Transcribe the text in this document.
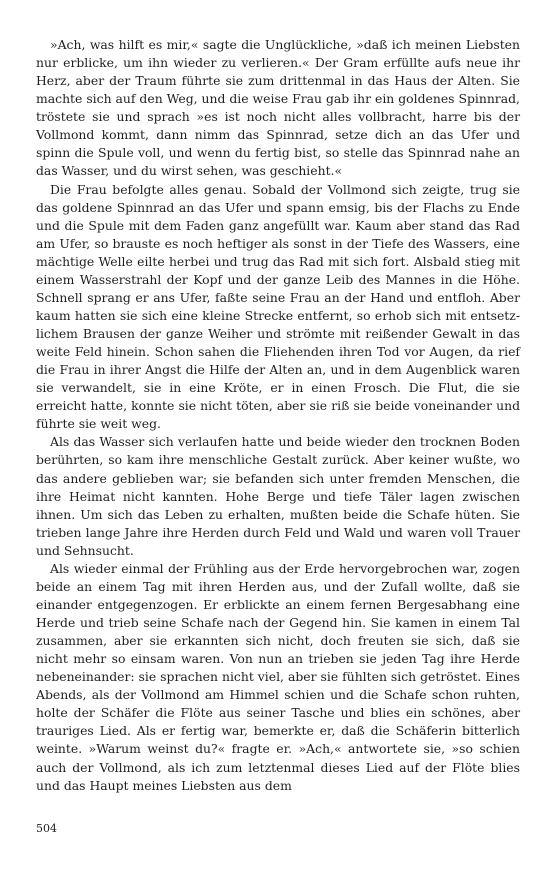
»Ach, was hilft es mir,« sagte die Unglückliche, »daß ich meinen Liebsten nur erblicke, um ihn wieder zu verlieren.« Der Gram erfüllte aufs neue ihr Herz, aber der Traum führte sie zum drittenmal in das Haus der Alten. Sie machte sich auf den Weg, und die weise Frau gab ihr ein goldenes Spinnrad, tröstete sie und sprach »es ist noch nicht alles vollbracht, harre bis der Vollmond kommt, dann nimm das Spinnrad, setze dich an das Ufer und spinn die Spule voll, und wenn du fertig bist, so stelle das Spinnrad nahe an das Wasser, und du wirst sehen, was geschieht.«

Die Frau befolgte alles genau. Sobald der Vollmond sich zeigte, trug sie das goldene Spinnrad an das Ufer und spann emsig, bis der Flachs zu Ende und die Spule mit dem Faden ganz angefüllt war. Kaum aber stand das Rad am Ufer, so brauste es noch heftiger als sonst in der Tiefe des Wassers, eine mächtige Welle eilte herbei und trug das Rad mit sich fort. Alsbald stieg mit einem Wasserstrahl der Kopf und der ganze Leib des Mannes in die Höhe. Schnell sprang er ans Ufer, faßte seine Frau an der Hand und entfloh. Aber kaum hatten sie sich eine kleine Strecke entfernt, so erhob sich mit entsetzlichem Brausen der ganze Weiher und strömte mit reißender Gewalt in das weite Feld hinein. Schon sahen die Fliehenden ihren Tod vor Augen, da rief die Frau in ihrer Angst die Hilfe der Alten an, und in dem Augenblick waren sie verwandelt, sie in eine Kröte, er in einen Frosch. Die Flut, die sie erreicht hatte, konnte sie nicht töten, aber sie riß sie beide voneinander und führte sie weit weg.

Als das Wasser sich verlaufen hatte und beide wieder den trocknen Boden berührten, so kam ihre menschliche Gestalt zurück. Aber keiner wußte, wo das andere geblieben war; sie befanden sich unter fremden Menschen, die ihre Heimat nicht kannten. Hohe Berge und tiefe Täler lagen zwischen ihnen. Um sich das Leben zu erhalten, mußten beide die Schafe hüten. Sie trieben lange Jahre ihre Herden durch Feld und Wald und waren voll Trauer und Sehnsucht.

Als wieder einmal der Frühling aus der Erde hervorgebrochen war, zogen beide an einem Tag mit ihren Herden aus, und der Zufall wollte, daß sie einander entgegenzogen. Er erblickte an einem fernen Bergesabhang eine Herde und trieb seine Schafe nach der Gegend hin. Sie kamen in einem Tal zusammen, aber sie erkannten sich nicht, doch freuten sie sich, daß sie nicht mehr so einsam waren. Von nun an trieben sie jeden Tag ihre Herde nebeneinander: sie sprachen nicht viel, aber sie fühlten sich getröstet. Eines Abends, als der Vollmond am Himmel schien und die Schafe schon ruhten, holte der Schäfer die Flöte aus seiner Tasche und blies ein schönes, aber trauriges Lied. Als er fertig war, bemerkte er, daß die Schäferin bitterlich weinte. »Warum weinst du?« fragte er. »Ach,« antwortete sie, »so schien auch der Vollmond, als ich zum letztenmal dieses Lied auf der Flöte blies und das Haupt meines Liebsten aus dem

504
